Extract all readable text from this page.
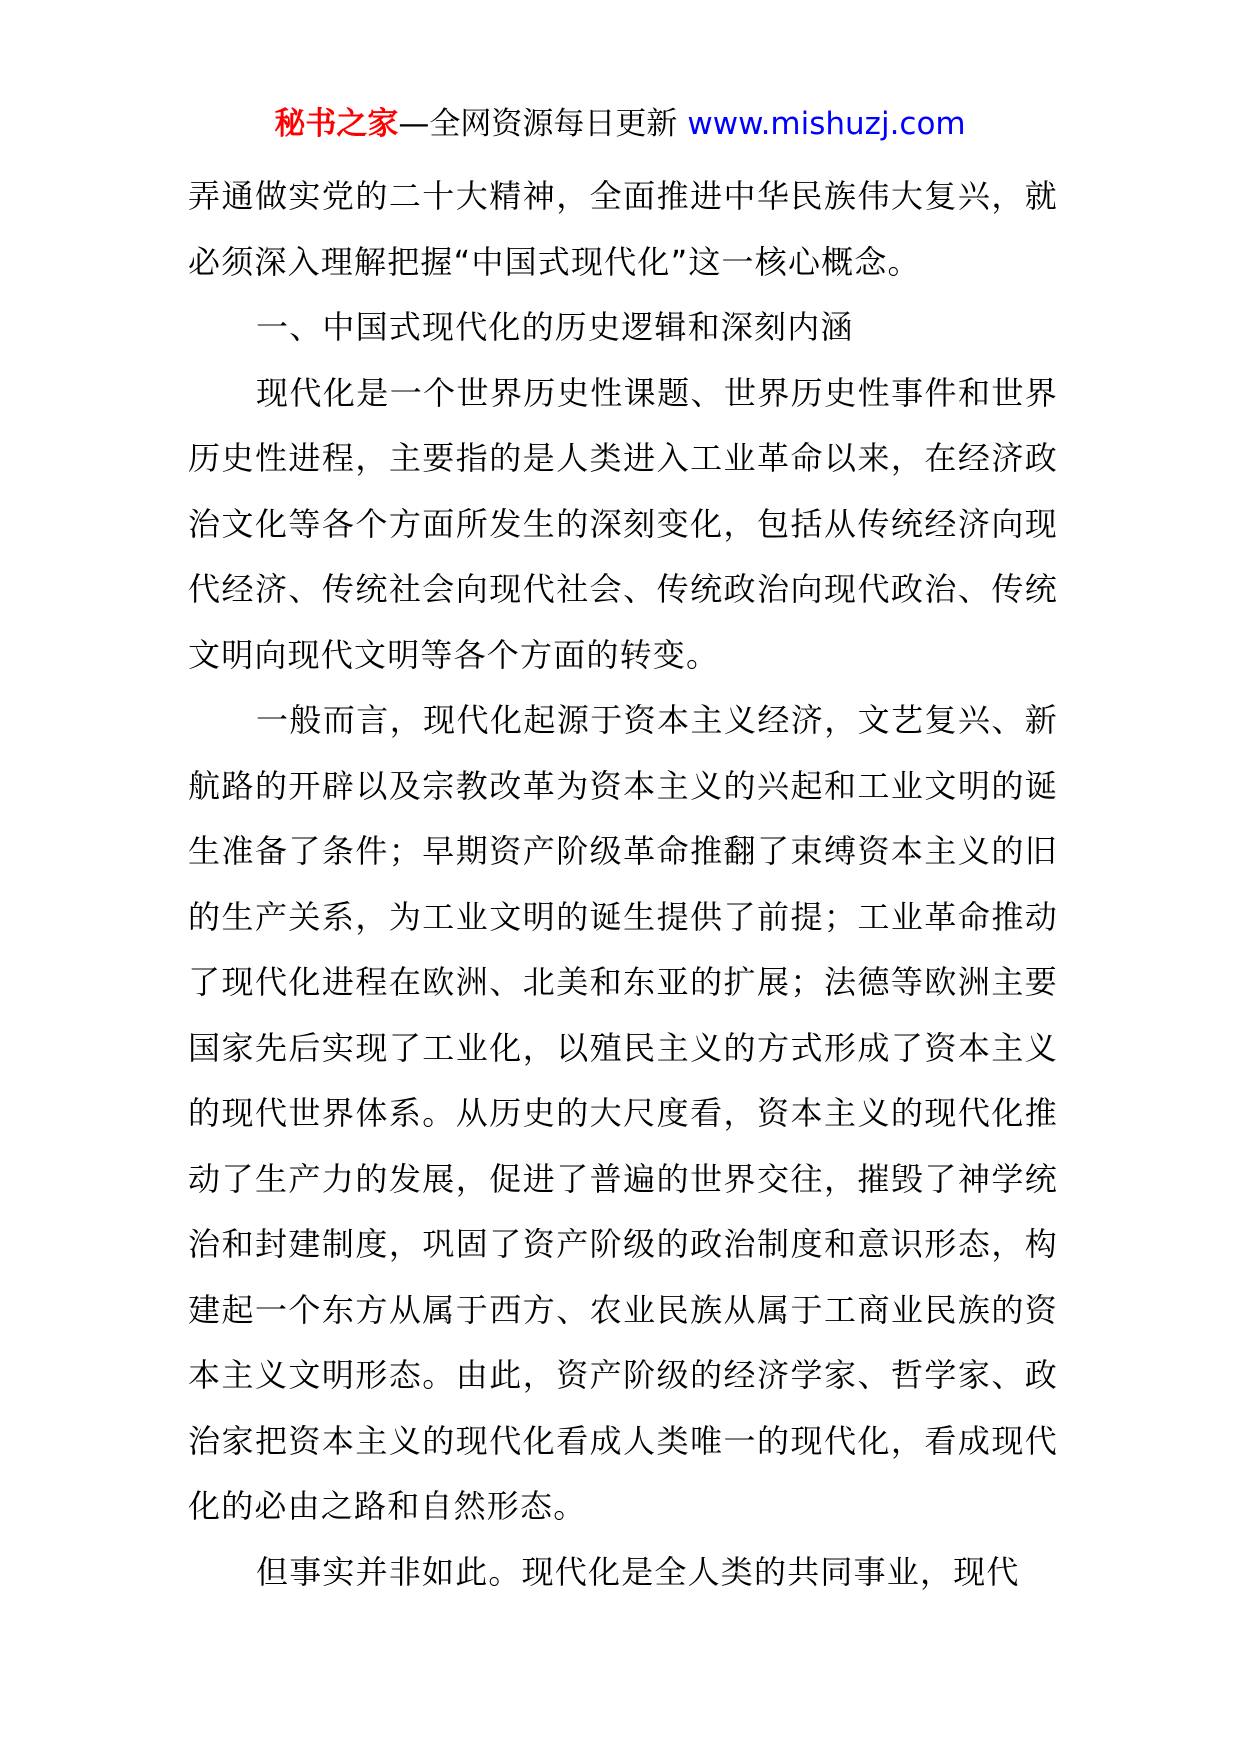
秘书之家—全网资源每日更新 www.mishuzj.com

弄通做实党的二十大精神，全面推进中华民族伟大复兴，就必须深入理解把握“中国式现代化”这一核心概念。

一、中国式现代化的历史逻辑和深刻内涵

现代化是一个世界历史性课题、世界历史性事件和世界历史性进程，主要指的是人类进入工业革命以来，在经济政治文化等各个方面所发生的深刻变化，包括从传统经济向现代经济、传统社会向现代社会、传统政治向现代政治、传统文明向现代文明等各个方面的转变。

一般而言，现代化起源于资本主义经济，文艺复兴、新航路的开辟以及宗教改革为资本主义的兴起和工业文明的诞生准备了条件；早期资产阶级革命推翻了束缚资本主义的旧的生产关系，为工业文明的诞生提供了前提；工业革命推动了现代化进程在欧洲、北美和东亚的扩展；法德等欧洲主要国家先后实现了工业化，以殖民主义的方式形成了资本主义的现代世界体系。从历史的大尺度看，资本主义的现代化推动了生产力的发展，促进了普遍的世界交往，摧毁了神学统治和封建制度，巩固了资产阶级的政治制度和意识形态，构建起一个东方从属于西方、农业民族从属于工商业民族的资本主义文明形态。由此，资产阶级的经济学家、哲学家、政治家把资本主义的现代化看成人类唯一的现代化，看成现代化的必由之路和自然形态。

但事实并非如此。现代化是全人类的共同事业，现代
